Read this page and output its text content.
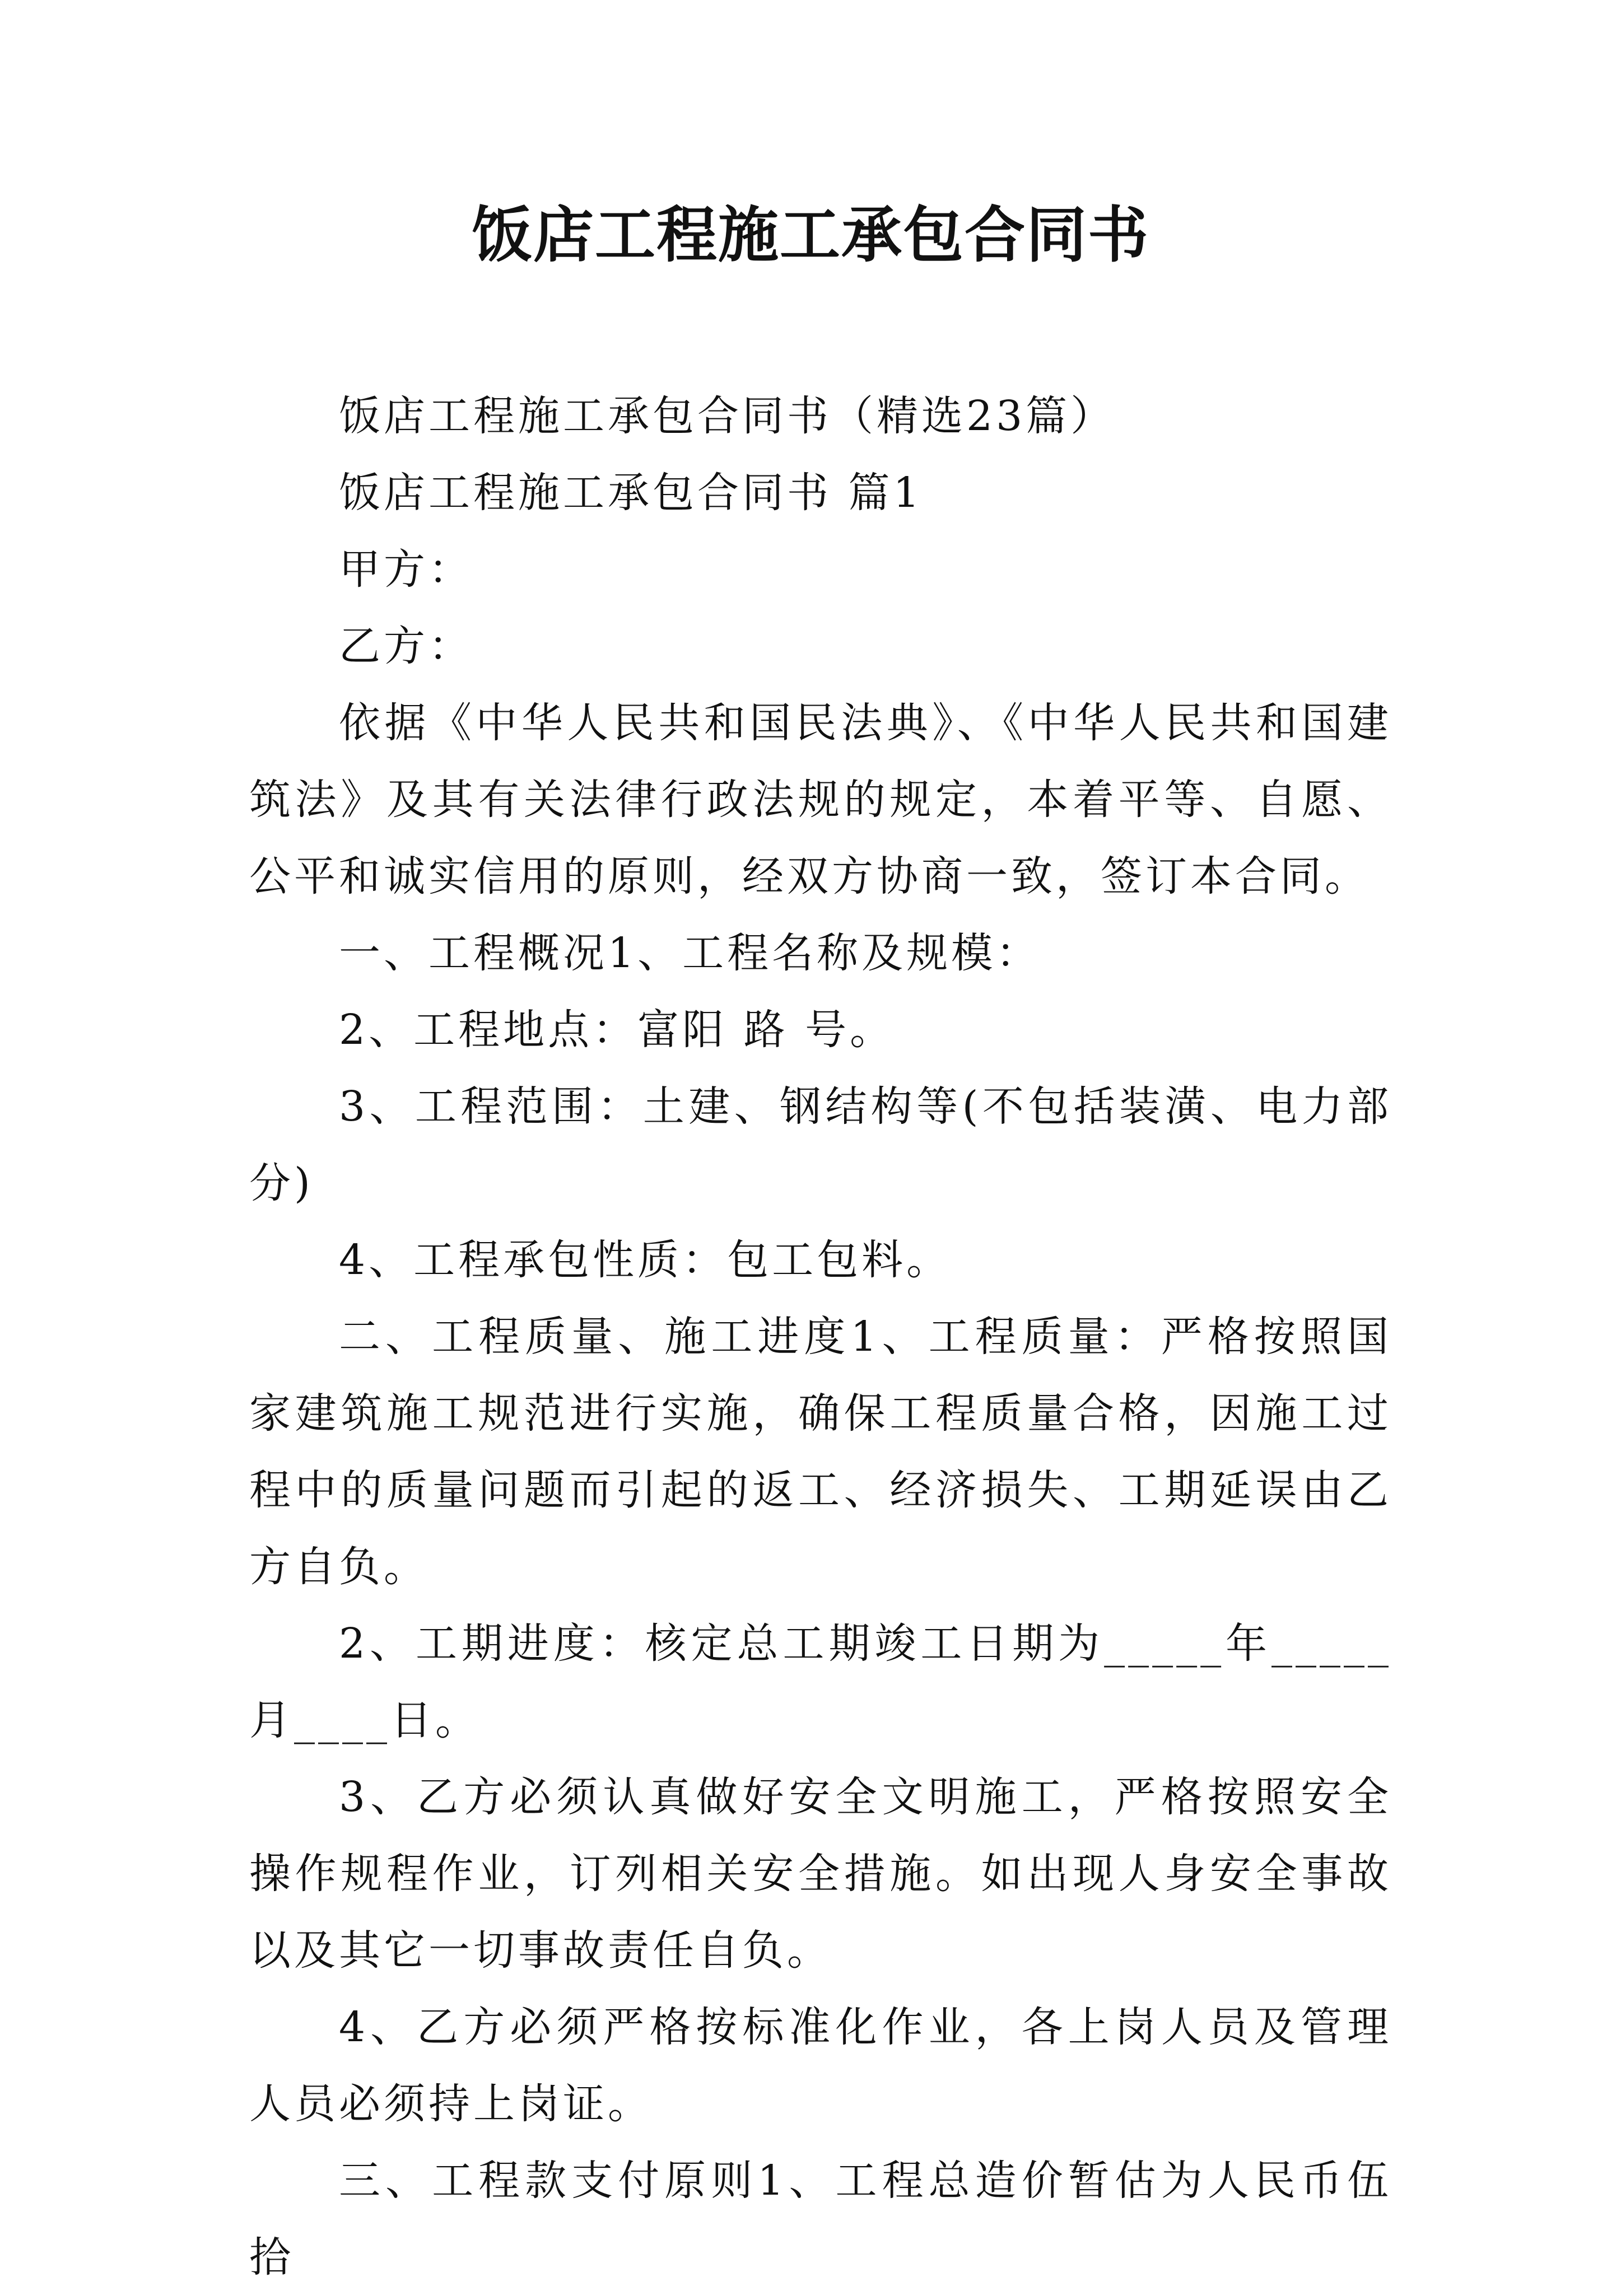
饭店工程施工承包合同书

饭店工程施工承包合同书（精选23篇）

饭店工程施工承包合同书 篇1

甲方：

乙方：

依据《中华人民共和国民法典》、《中华人民共和国建筑法》及其有关法律行政法规的规定，本着平等、自愿、公平和诚实信用的原则，经双方协商一致，签订本合同。

一、工程概况1、工程名称及规模：

2、工程地点：富阳 路 号。

3、工程范围：土建、钢结构等(不包括装潢、电力部分)

4、工程承包性质：包工包料。

二、工程质量、施工进度1、工程质量：严格按照国家建筑施工规范进行实施，确保工程质量合格，因施工过程中的质量问题而引起的返工、经济损失、工期延误由乙方自负。

2、工期进度：核定总工期竣工日期为_____年_____月____日。

3、乙方必须认真做好安全文明施工，严格按照安全操作规程作业，订列相关安全措施。如出现人身安全事故以及其它一切事故责任自负。

4、乙方必须严格按标准化作业，各上岗人员及管理人员必须持上岗证。

三、工程款支付原则1、工程总造价暂估为人民币伍拾
